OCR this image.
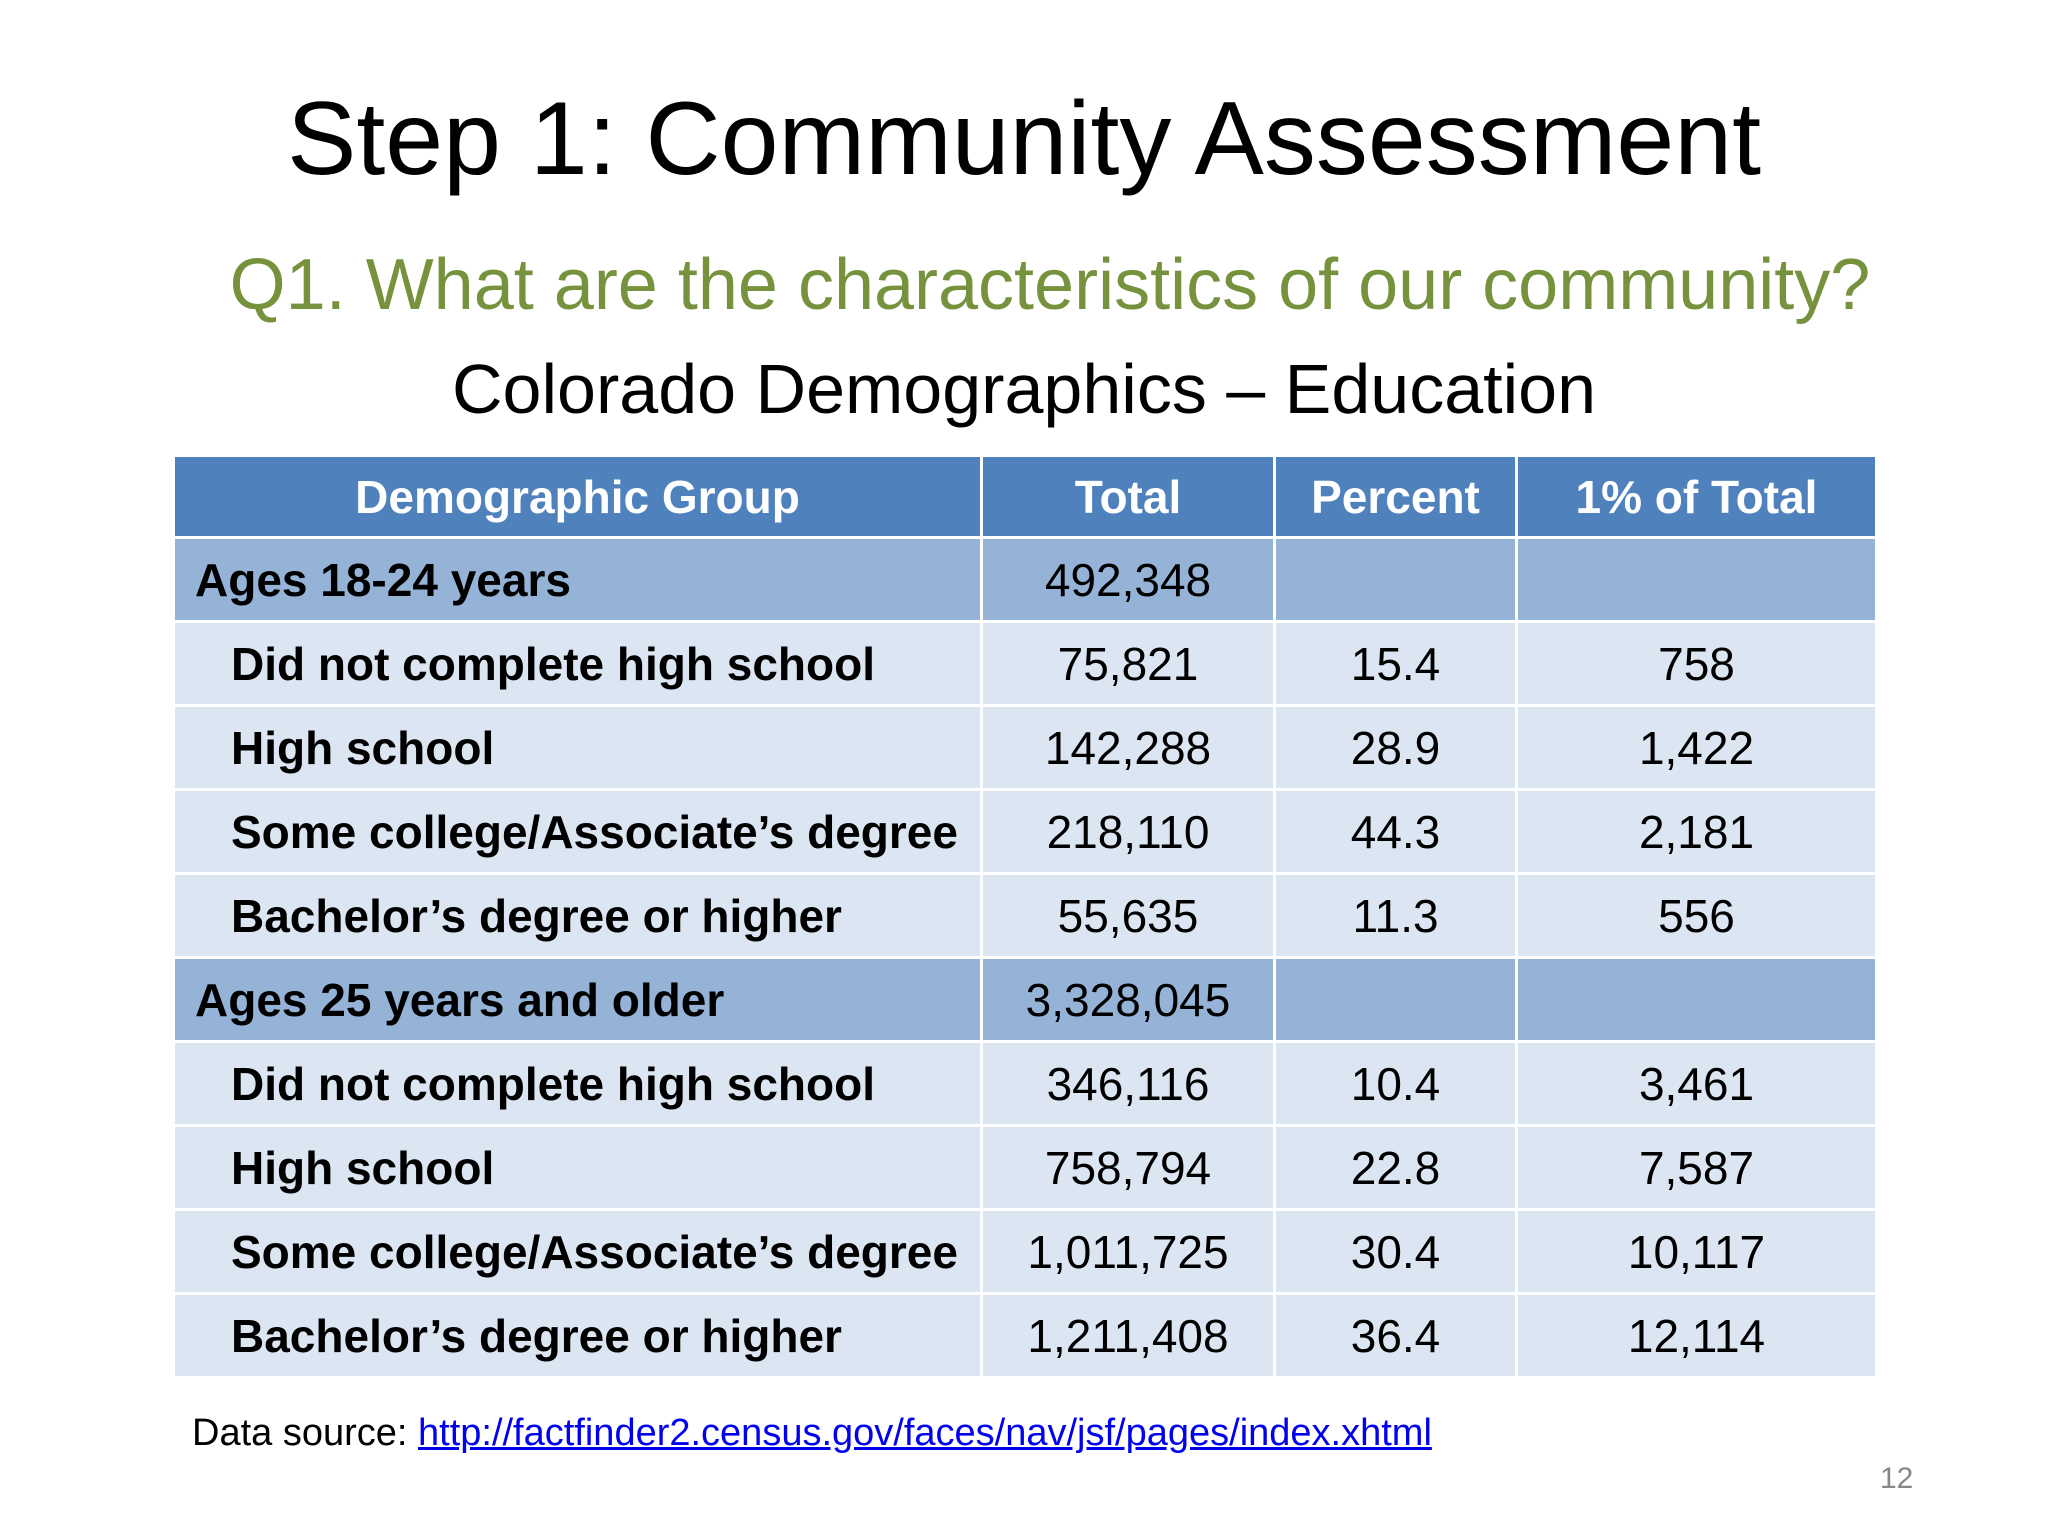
Step 1: Community Assessment
Q1. What are the characteristics of our community?
Colorado Demographics – Education
Demographic Group	Total	Percent	1% of Total
Ages 18-24 years	492,348		
Did not complete high school	75,821	15.4	758
High school	142,288	28.9	1,422
Some college/Associate’s degree	218,110	44.3	2,181
Bachelor’s degree or higher	55,635	11.3	556
Ages 25 years and older	3,328,045		
Did not complete high school	346,116	10.4	3,461
High school	758,794	22.8	7,587
Some college/Associate’s degree	1,011,725	30.4	10,117
Bachelor’s degree or higher	1,211,408	36.4	12,114
Data source: http://factfinder2.census.gov/faces/nav/jsf/pages/index.xhtml
12
